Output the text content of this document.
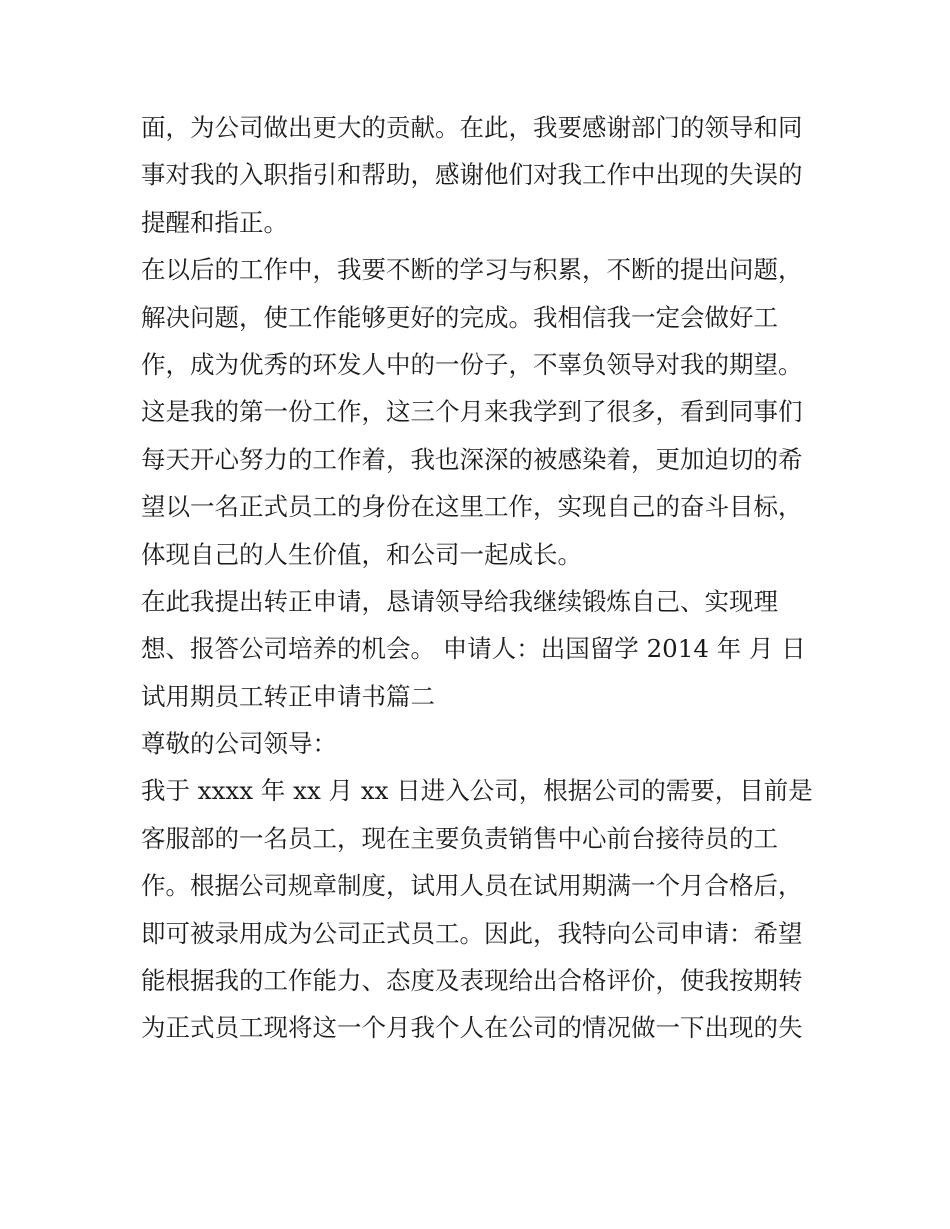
面，为公司做出更大的贡献。在此，我要感谢部门的领导和同
事对我的入职指引和帮助，感谢他们对我工作中出现的失误的
提醒和指正。
在以后的工作中，我要不断的学习与积累，不断的提出问题，
解决问题，使工作能够更好的完成。我相信我一定会做好工
作，成为优秀的环发人中的一份子，不辜负领导对我的期望。
这是我的第一份工作，这三个月来我学到了很多，看到同事们
每天开心努力的工作着，我也深深的被感染着，更加迫切的希
望以一名正式员工的身份在这里工作，实现自己的奋斗目标，
体现自己的人生价值，和公司一起成长。
在此我提出转正申请，恳请领导给我继续锻炼自己、实现理
想、报答公司培养的机会。 申请人：出国留学 2014 年 月 日
试用期员工转正申请书篇二
尊敬的公司领导：
我于 xxxx 年 xx 月 xx 日进入公司，根据公司的需要，目前是
客服部的一名员工，现在主要负责销售中心前台接待员的工
作。根据公司规章制度，试用人员在试用期满一个月合格后，
即可被录用成为公司正式员工。因此，我特向公司申请：希望
能根据我的工作能力、态度及表现给出合格评价，使我按期转
为正式员工现将这一个月我个人在公司的情况做一下出现的失
